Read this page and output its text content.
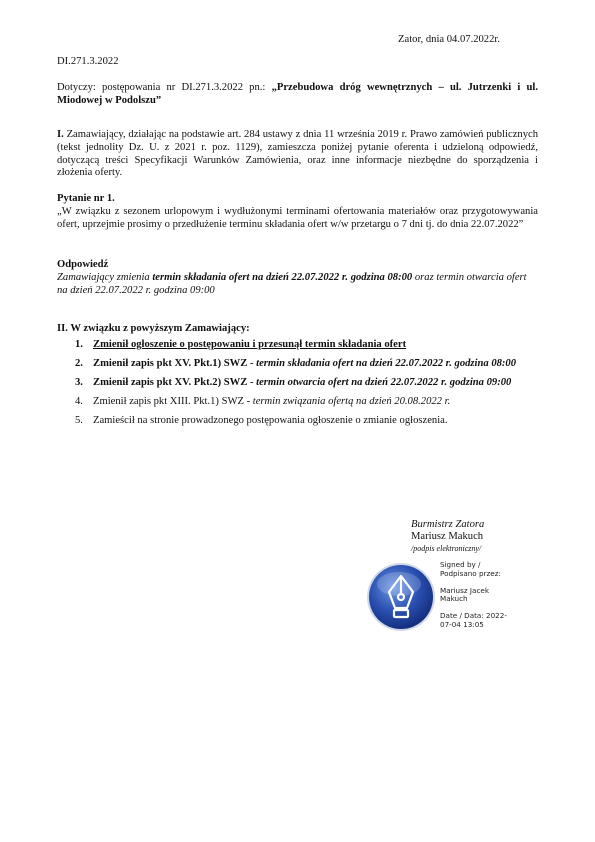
Zator, dnia 04.07.2022r.
DI.271.3.2022
Dotyczy: postępowania nr DI.271.3.2022 pn.: „Przebudowa dróg wewnętrznych – ul. Jutrzenki i ul. Miodowej w Podolszu”
I. Zamawiający, działając na podstawie art. 284 ustawy z dnia 11 września 2019 r. Prawo zamówień publicznych (tekst jednolity Dz. U. z 2021 r. poz. 1129), zamieszcza poniżej pytanie oferenta i udzieloną odpowiedź, dotyczącą treści Specyfikacji Warunków Zamówienia, oraz inne informacje niezbędne do sporządzenia i złożenia oferty.
Pytanie nr 1.
„W związku z sezonem urlopowym i wydłużonymi terminami ofertowania materiałów oraz przygotowywania ofert, uprzejmie prosimy o przedłużenie terminu składania ofert w/w przetargu o 7 dni tj. do dnia 22.07.2022”
Odpowiedź
Zamawiający zmienia termin składania ofert na dzień 22.07.2022 r. godzina 08:00 oraz termin otwarcia ofert na dzień 22.07.2022 r. godzina 09:00
II. W związku z powyższym Zamawiający:
1. Zmienił ogłoszenie o postępowaniu i przesunął termin składania ofert
2. Zmienił zapis pkt XV. Pkt.1) SWZ - termin składania ofert na dzień 22.07.2022 r. godzina 08:00
3. Zmienił zapis pkt XV. Pkt.2) SWZ - termin otwarcia ofert na dzień 22.07.2022 r. godzina 09:00
4. Zmienił zapis pkt XIII. Pkt.1) SWZ - termin związania ofertą na dzień 20.08.2022 r.
5. Zamieścił na stronie prowadzonego postępowania ogłoszenie o zmianie ogłoszenia.
Burmistrz Zatora
Mariusz Makuch
/podpis elektroniczny/
Signed by /
Podpisano przez:
Mariusz Jacek
Makuch
Date / Data: 2022-
07-04 13:05
